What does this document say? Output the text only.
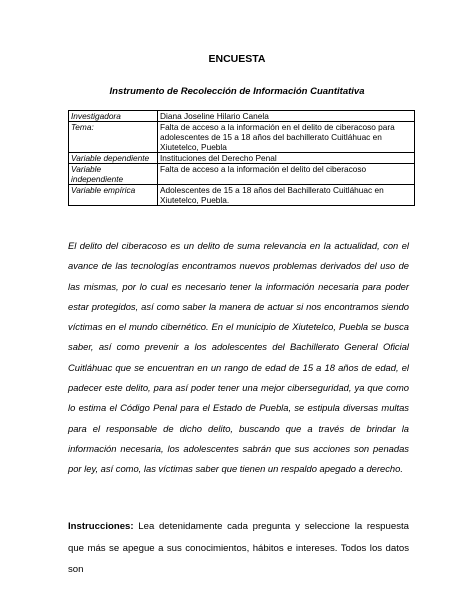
ENCUESTA
Instrumento de Recolección de Información Cuantitativa
Investigadora	Diana Joseline Hilario Canela
Tema:	Falta de acceso a la información en el delito de ciberacoso para adolescentes de 15 a 18 años del bachillerato Cuitláhuac en Xiutetelco, Puebla
Variable dependiente	Instituciones del Derecho Penal
Variable independiente	Falta de acceso a la información el delito del ciberacoso
Variable empírica	Adolescentes de 15 a 18 años del Bachillerato Cuitláhuac en Xiutetelco, Puebla.

El delito del ciberacoso es un delito de suma relevancia en la actualidad, con el avance de las tecnologías encontramos nuevos problemas derivados del uso de las mismas, por lo cual es necesario tener la información necesaria para poder estar protegidos, así como saber la manera de actuar si nos encontramos siendo víctimas en el mundo cibernético. En el municipio de Xiutetelco, Puebla se busca saber, así como prevenir a los adolescentes del Bachillerato General Oficial Cuitláhuac que se encuentran en un rango de edad de 15 a 18 años de edad, el padecer este delito, para así poder tener una mejor ciberseguridad, ya que como lo estima el Código Penal para el Estado de Puebla, se estipula diversas multas para el responsable de dicho delito, buscando que a través de brindar la información necesaria, los adolescentes sabrán que sus acciones son penadas por ley, así como, las víctimas saber que tienen un respaldo apegado a derecho.

Instrucciones: Lea detenidamente cada pregunta y seleccione la respuesta que más se apegue a sus conocimientos, hábitos e intereses. Todos los datos son
